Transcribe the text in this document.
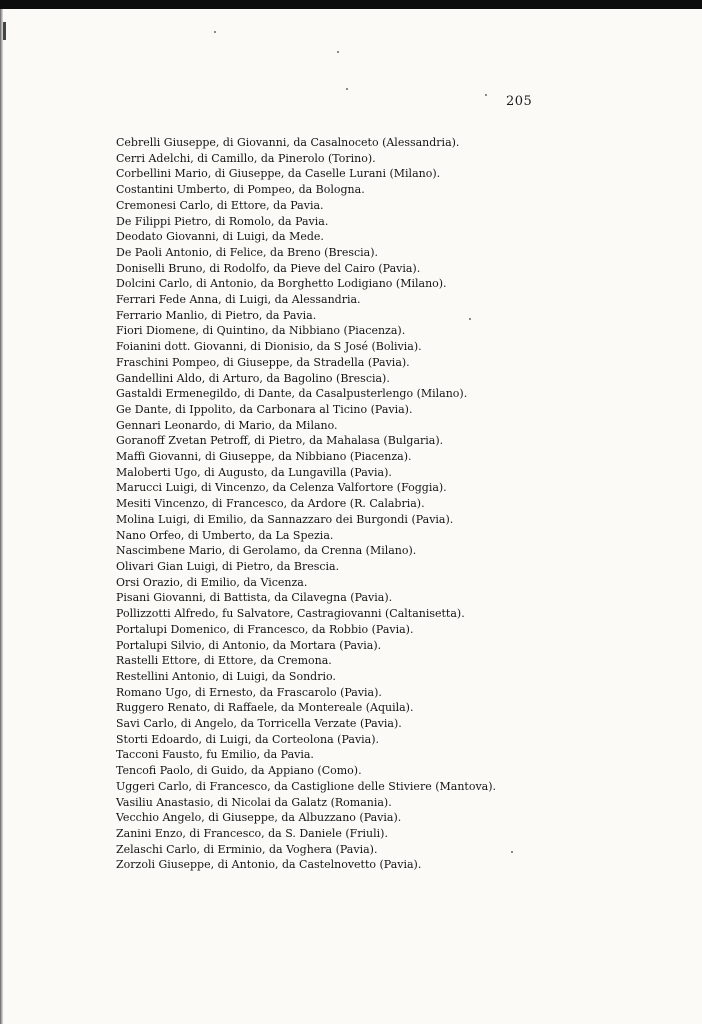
205
Cebrelli Giuseppe, di Giovanni, da Casalnoceto (Alessandria).
Cerri Adelchi, di Camillo, da Pinerolo (Torino).
Corbellini Mario, di Giuseppe, da Caselle Lurani (Milano).
Costantini Umberto, di Pompeo, da Bologna.
Cremonesi Carlo, di Ettore, da Pavia.
De Filippi Pietro, di Romolo, da Pavia.
Deodato Giovanni, di Luigi, da Mede.
De Paoli Antonio, di Felice, da Breno (Brescia).
Doniselli Bruno, di Rodolfo, da Pieve del Cairo (Pavia).
Dolcini Carlo, di Antonio, da Borghetto Lodigiano (Milano).
Ferrari Fede Anna, di Luigi, da Alessandria.
Ferrario Manlio, di Pietro, da Pavia.
Fiori Diomene, di Quintino, da Nibbiano (Piacenza).
Foianini dott. Giovanni, di Dionisio, da S José (Bolivia).
Fraschini Pompeo, di Giuseppe, da Stradella (Pavia).
Gandellini Aldo, di Arturo, da Bagolino (Brescia).
Gastaldi Ermenegildo, di Dante, da Casalpusterlengo (Milano).
Ge Dante, di Ippolito, da Carbonara al Ticino (Pavia).
Gennari Leonardo, di Mario, da Milano.
Goranoff Zvetan Petroff, di Pietro, da Mahalasa (Bulgaria).
Maffi Giovanni, di Giuseppe, da Nibbiano (Piacenza).
Maloberti Ugo, di Augusto, da Lungavilla (Pavia).
Marucci Luigi, di Vincenzo, da Celenza Valfortore (Foggia).
Mesiti Vincenzo, di Francesco, da Ardore (R. Calabria).
Molina Luigi, di Emilio, da Sannazzaro dei Burgondi (Pavia).
Nano Orfeo, di Umberto, da La Spezia.
Nascimbene Mario, di Gerolamo, da Crenna (Milano).
Olivari Gian Luigi, di Pietro, da Brescia.
Orsi Orazio, di Emilio, da Vicenza.
Pisani Giovanni, di Battista, da Cilavegna (Pavia).
Pollizzotti Alfredo, fu Salvatore, Castragiovanni (Caltanisetta).
Portalupi Domenico, di Francesco, da Robbio (Pavia).
Portalupi Silvio, di Antonio, da Mortara (Pavia).
Rastelli Ettore, di Ettore, da Cremona.
Restellini Antonio, di Luigi, da Sondrio.
Romano Ugo, di Ernesto, da Frascarolo (Pavia).
Ruggero Renato, di Raffaele, da Montereale (Aquila).
Savi Carlo, di Angelo, da Torricella Verzate (Pavia).
Storti Edoardo, di Luigi, da Corteolona (Pavia).
Tacconi Fausto, fu Emilio, da Pavia.
Tencofi Paolo, di Guido, da Appiano (Como).
Uggeri Carlo, di Francesco, da Castiglione delle Stiviere (Mantova).
Vasiliu Anastasio, di Nicolai da Galatz (Romania).
Vecchio Angelo, di Giuseppe, da Albuzzano (Pavia).
Zanini Enzo, di Francesco, da S. Daniele (Friuli).
Zelaschi Carlo, di Erminio, da Voghera (Pavia).
Zorzoli Giuseppe, di Antonio, da Castelnovetto (Pavia).
